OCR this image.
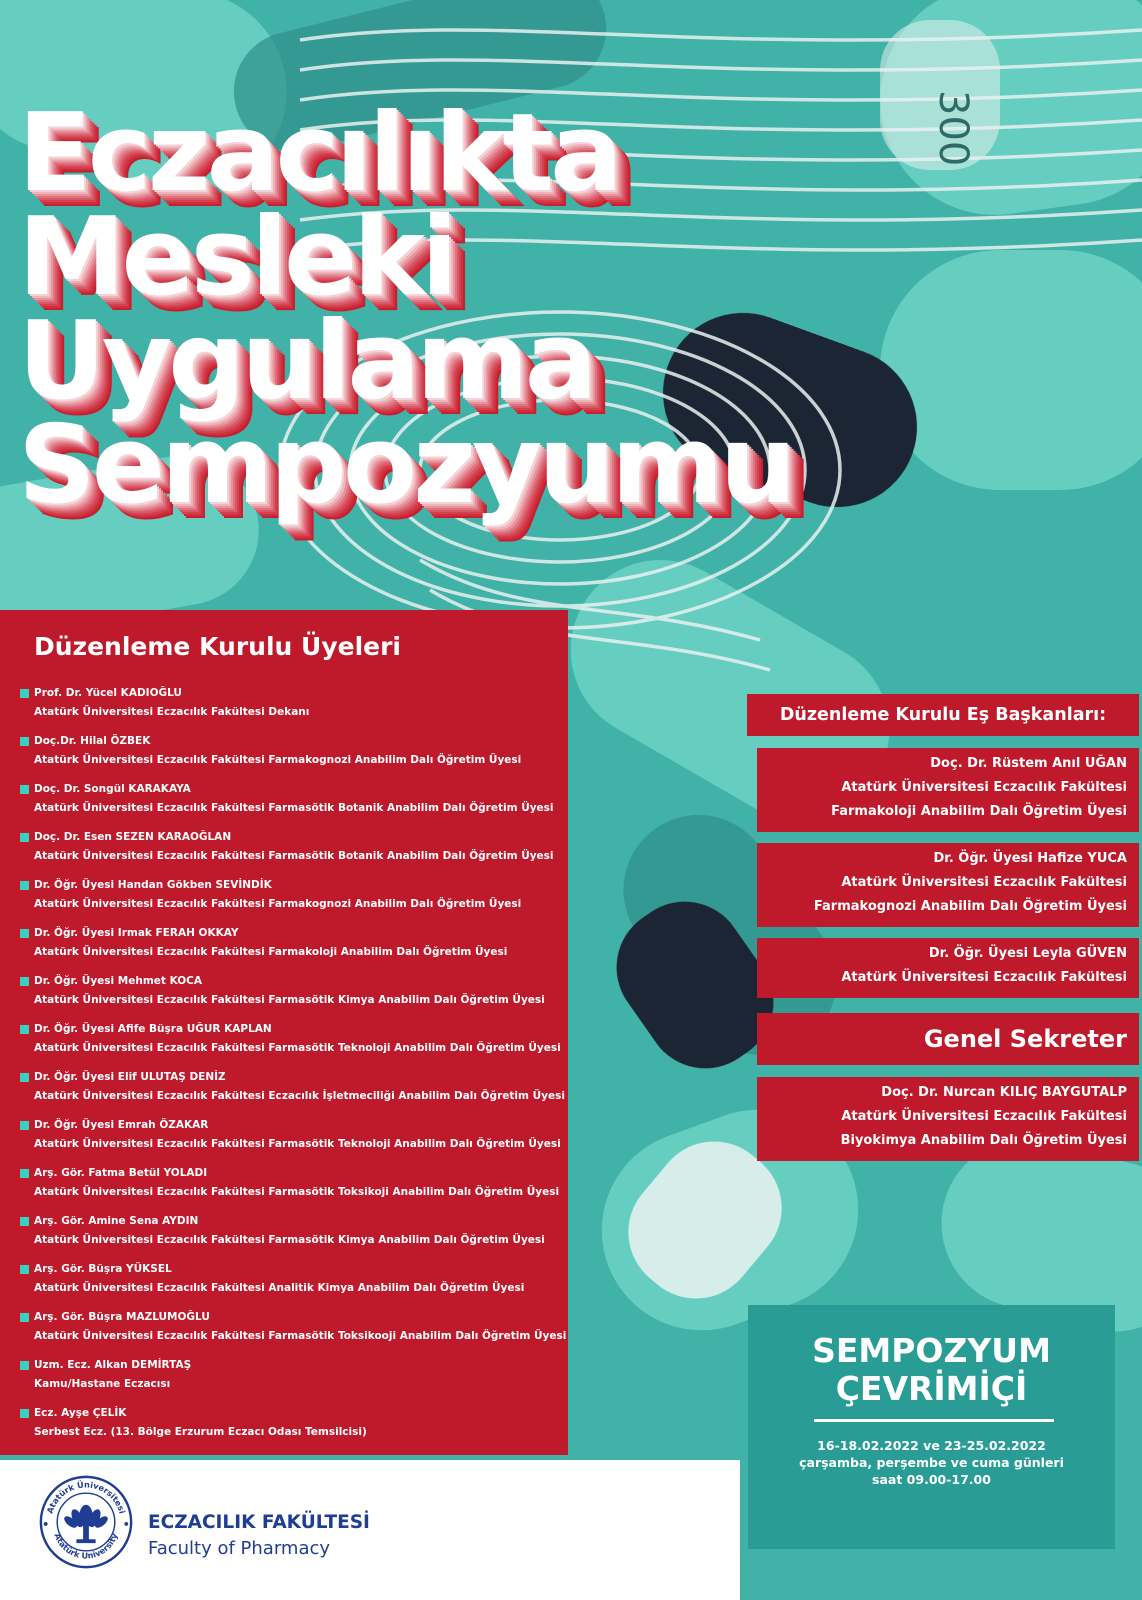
300
Eczacılıkta
Mesleki
Uygulama
Sempozyumu
Düzenleme Kurulu Üyeleri
Prof. Dr. Yücel KADIOĞLU
Atatürk Üniversitesi Eczacılık Fakültesi Dekanı
Doç.Dr. Hilal ÖZBEK
Atatürk Üniversitesi Eczacılık Fakültesi Farmakognozi Anabilim Dalı Öğretim Üyesi
Doç. Dr. Songül KARAKAYA
Atatürk Üniversitesi Eczacılık Fakültesi Farmasötik Botanik Anabilim Dalı Öğretim Üyesi
Doç. Dr. Esen SEZEN KARAOĞLAN
Atatürk Üniversitesi Eczacılık Fakültesi Farmasötik Botanik Anabilim Dalı Öğretim Üyesi
Dr. Öğr. Üyesi Handan Gökben SEVİNDİK
Atatürk Üniversitesi Eczacılık Fakültesi Farmakognozi Anabilim Dalı Öğretim Üyesi
Dr. Öğr. Üyesi Irmak FERAH OKKAY
Atatürk Üniversitesi Eczacılık Fakültesi Farmakoloji Anabilim Dalı Öğretim Üyesi
Dr. Öğr. Üyesi Mehmet KOCA
Atatürk Üniversitesi Eczacılık Fakültesi Farmasötik Kimya Anabilim Dalı Öğretim Üyesi
Dr. Öğr. Üyesi Afife Büşra UĞUR KAPLAN
Atatürk Üniversitesi Eczacılık Fakültesi Farmasötik Teknoloji Anabilim Dalı Öğretim Üyesi
Dr. Öğr. Üyesi Elif ULUTAŞ DENİZ
Atatürk Üniversitesi Eczacılık Fakültesi Eczacılık İşletmeciliği Anabilim Dalı Öğretim Üyesi
Dr. Öğr. Üyesi Emrah ÖZAKAR
Atatürk Üniversitesi Eczacılık Fakültesi Farmasötik Teknoloji Anabilim Dalı Öğretim Üyesi
Arş. Gör. Fatma Betül YOLADI
Atatürk Üniversitesi Eczacılık Fakültesi Farmasötik Toksikoji Anabilim Dalı Öğretim Üyesi
Arş. Gör. Amine Sena AYDIN
Atatürk Üniversitesi Eczacılık Fakültesi Farmasötik Kimya Anabilim Dalı Öğretim Üyesi
Arş. Gör. Büşra YÜKSEL
Atatürk Üniversitesi Eczacılık Fakültesi Analitik Kimya Anabilim Dalı Öğretim Üyesi
Arş. Gör. Büşra MAZLUMOĞLU
Atatürk Üniversitesi Eczacılık Fakültesi Farmasötik Toksikooji Anabilim Dalı Öğretim Üyesi
Uzm. Ecz. Alkan DEMİRTAŞ
Kamu/Hastane Eczacısı
Ecz. Ayşe ÇELİK
Serbest Ecz. (13. Bölge Erzurum Eczacı Odası Temsilcisi)
Düzenleme Kurulu Eş Başkanları:
Doç. Dr. Rüstem Anıl UĞAN
Atatürk Üniversitesi Eczacılık Fakültesi
Farmakoloji Anabilim Dalı Öğretim Üyesi
Dr. Öğr. Üyesi Hafize YUCA
Atatürk Üniversitesi Eczacılık Fakültesi
Farmakognozi Anabilim Dalı Öğretim Üyesi
Dr. Öğr. Üyesi Leyla GÜVEN
Atatürk Üniversitesi Eczacılık Fakültesi
Genel Sekreter
Doç. Dr. Nurcan KILIÇ BAYGUTALP
Atatürk Üniversitesi Eczacılık Fakültesi
Biyokimya Anabilim Dalı Öğretim Üyesi
SEMPOZYUM
ÇEVRİMİÇİ
16-18.02.2022 ve 23-25.02.2022
çarşamba, perşembe ve cuma günleri
saat 09.00-17.00
Atatürk Üniversitesi
Atatürk University
ECZACILIK FAKÜLTESİ
Faculty of Pharmacy
